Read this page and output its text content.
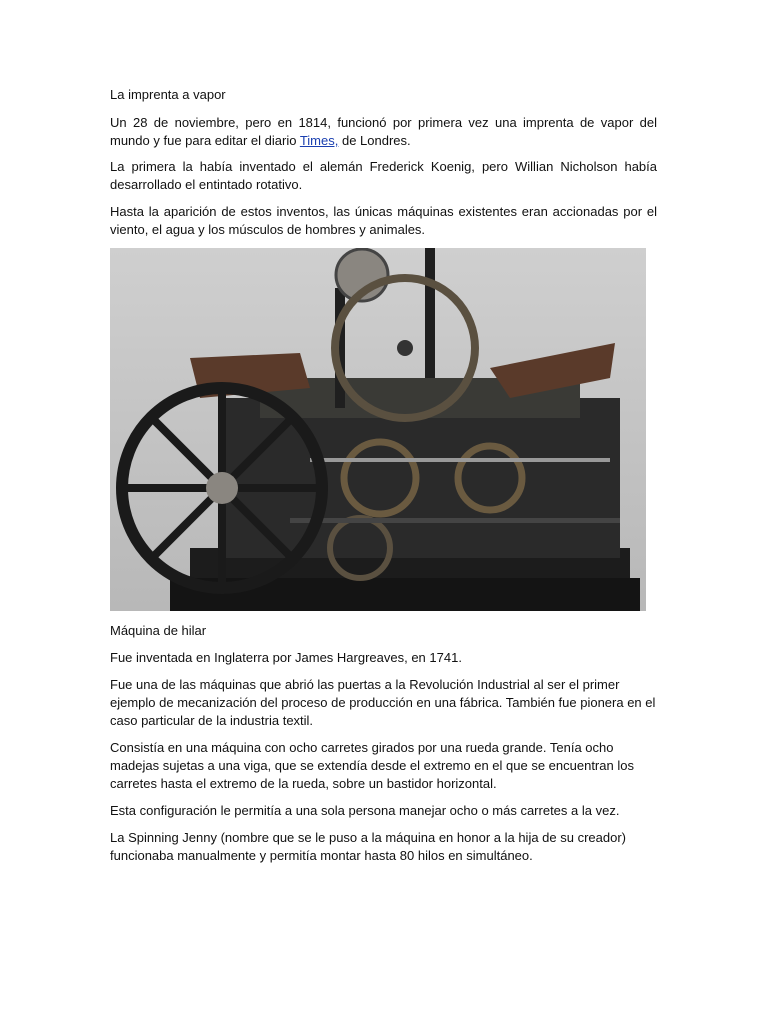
La imprenta a vapor

Un 28 de noviembre, pero en 1814, funcionó por primera vez una imprenta de vapor del mundo y fue para editar el diario Times, de Londres.

La primera la había inventado el alemán Frederick Koenig, pero Willian Nicholson había desarrollado el entintado rotativo.

Hasta la aparición de estos inventos, las únicas máquinas existentes eran accionadas por el viento, el agua y los músculos de hombres y animales.

Máquina de hilar

Fue inventada en Inglaterra por James Hargreaves, en 1741.

Fue una de las máquinas que abrió las puertas a la Revolución Industrial al ser el primer ejemplo de mecanización del proceso de producción en una fábrica. También fue pionera en el caso particular de la industria textil.

Consistía en una máquina con ocho carretes girados por una rueda grande. Tenía ocho madejas sujetas a una viga, que se extendía desde el extremo en el que se encuentran los carretes hasta el extremo de la rueda, sobre un bastidor horizontal.

Esta configuración le permitía a una sola persona manejar ocho o más carretes a la vez.

La Spinning Jenny (nombre que se le puso a la máquina en honor a la hija de su creador) funcionaba manualmente y permitía montar hasta 80 hilos en simultáneo.
